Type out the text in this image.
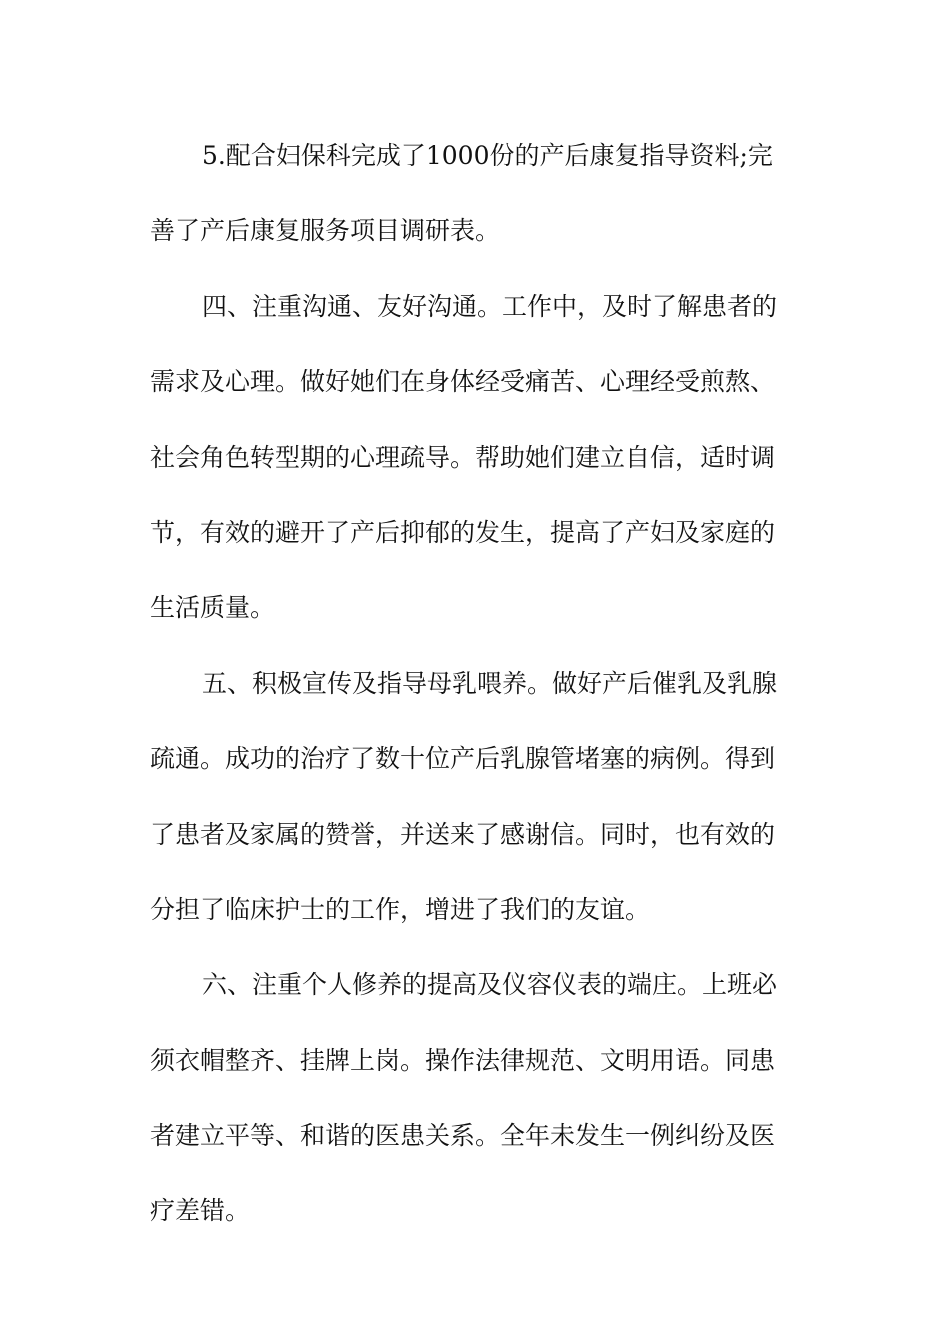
5.配合妇保科完成了1000份的产后康复指导资料;完
善了产后康复服务项目调研表。
四、注重沟通、友好沟通。工作中，及时了解患者的
需求及心理。做好她们在身体经受痛苦、心理经受煎熬、
社会角色转型期的心理疏导。帮助她们建立自信，适时调
节，有效的避开了产后抑郁的发生，提高了产妇及家庭的
生活质量。
五、积极宣传及指导母乳喂养。做好产后催乳及乳腺
疏通。成功的治疗了数十位产后乳腺管堵塞的病例。得到
了患者及家属的赞誉，并送来了感谢信。同时，也有效的
分担了临床护士的工作，增进了我们的友谊。
六、注重个人修养的提高及仪容仪表的端庄。上班必
须衣帽整齐、挂牌上岗。操作法律规范、文明用语。同患
者建立平等、和谐的医患关系。全年未发生一例纠纷及医
疗差错。
